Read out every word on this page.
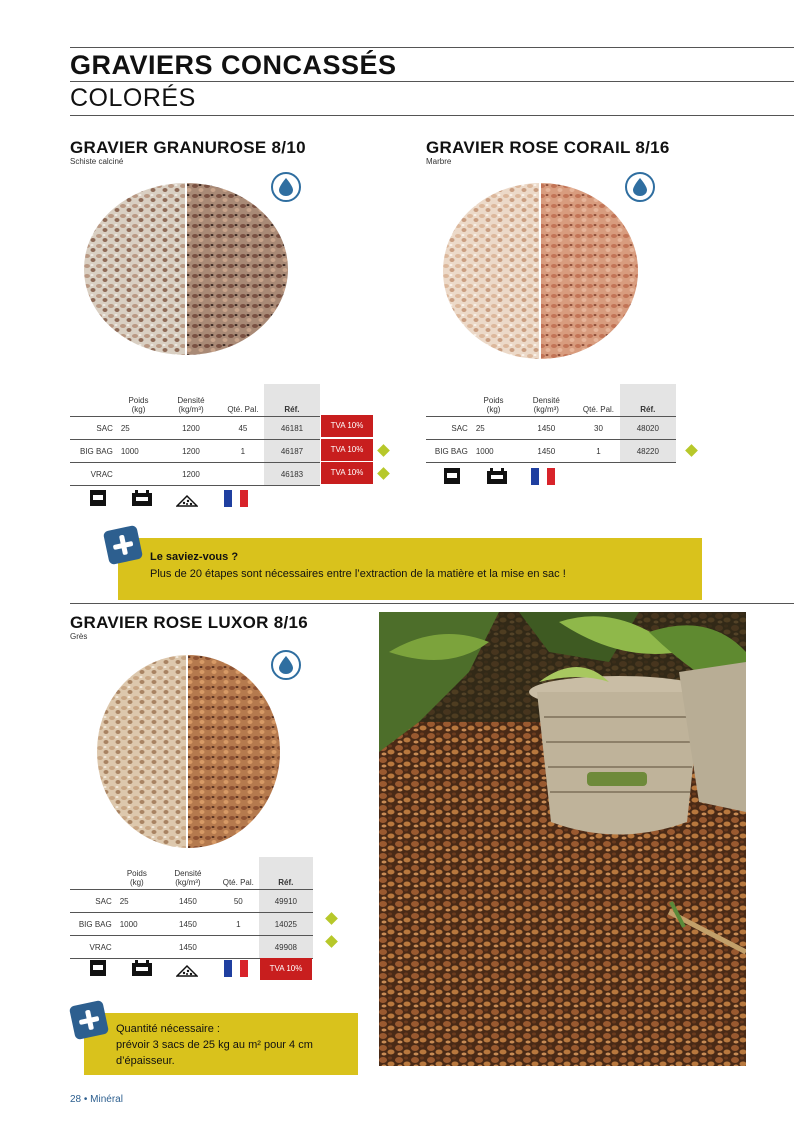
GRAVIERS CONCASSÉS
COLORÉS
GRAVIER GRANUROSE 8/10
Schiste calciné
	Poids (kg)	Densité (kg/m³)	Qté. Pal.	Réf.
SAC	25	1200	45	46181
BIG BAG	1000	1200	1	46187
VRAC		1200		46183
TVA 10%
TVA 10%
TVA 10%
GRAVIER ROSE CORAIL 8/16
Marbre
	Poids (kg)	Densité (kg/m³)	Qté. Pal.	Réf.
SAC	25	1450	30	48020
BIG BAG	1000	1450	1	48220
Le saviez-vous ?
Plus de 20 étapes sont nécessaires entre l’extraction de la matière et la mise en sac !
GRAVIER ROSE LUXOR 8/16
Grès
	Poids (kg)	Densité (kg/m³)	Qté. Pal.	Réf.
SAC	25	1450	50	49910
BIG BAG	1000	1450	1	14025
VRAC		1450		49908
TVA 10%
Quantité nécessaire :
prévoir 3 sacs de 25 kg au m² pour 4 cm
d’épaisseur.
28 • Minéral
